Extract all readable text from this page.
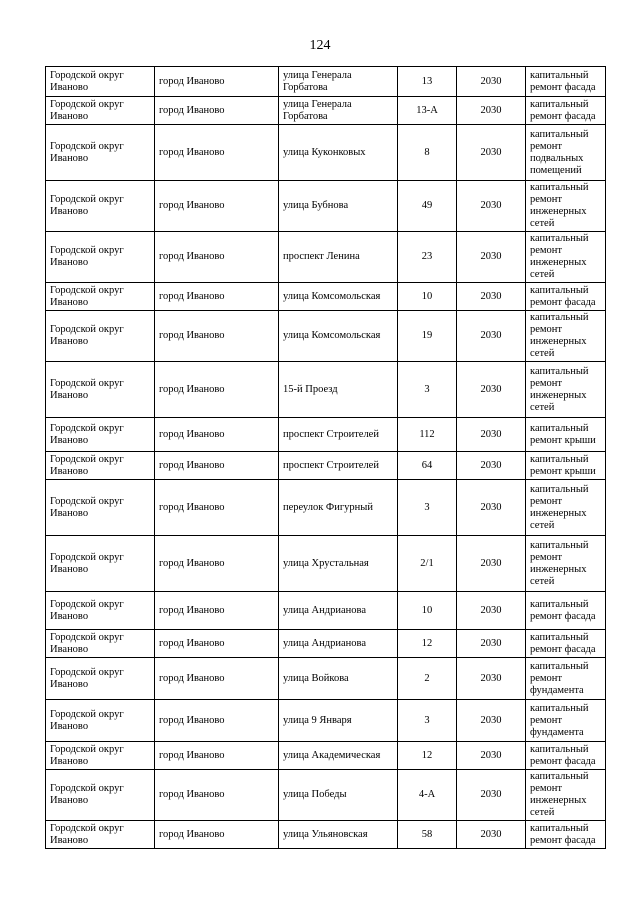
124
Городской округ Иваново	город Иваново	улица Генерала Горбатова	13	2030	капитальный ремонт фасада
Городской округ Иваново	город Иваново	улица Генерала Горбатова	13-А	2030	капитальный ремонт фасада
Городской округ Иваново	город Иваново	улица Куконковых	8	2030	капитальный ремонт подвальных помещений
Городской округ Иваново	город Иваново	улица Бубнова	49	2030	капитальный ремонт инженерных сетей
Городской округ Иваново	город Иваново	проспект Ленина	23	2030	капитальный ремонт инженерных сетей
Городской округ Иваново	город Иваново	улица Комсомольская	10	2030	капитальный ремонт фасада
Городской округ Иваново	город Иваново	улица Комсомольская	19	2030	капитальный ремонт инженерных сетей
Городской округ Иваново	город Иваново	15-й Проезд	3	2030	капитальный ремонт инженерных сетей
Городской округ Иваново	город Иваново	проспект Строителей	112	2030	капитальный ремонт крыши
Городской округ Иваново	город Иваново	проспект Строителей	64	2030	капитальный ремонт крыши
Городской округ Иваново	город Иваново	переулок Фигурный	3	2030	капитальный ремонт инженерных сетей
Городской округ Иваново	город Иваново	улица Хрустальная	2/1	2030	капитальный ремонт инженерных сетей
Городской округ Иваново	город Иваново	улица Андрианова	10	2030	капитальный ремонт фасада
Городской округ Иваново	город Иваново	улица Андрианова	12	2030	капитальный ремонт фасада
Городской округ Иваново	город Иваново	улица Войкова	2	2030	капитальный ремонт фундамента
Городской округ Иваново	город Иваново	улица 9 Января	3	2030	капитальный ремонт фундамента
Городской округ Иваново	город Иваново	улица Академическая	12	2030	капитальный ремонт фасада
Городской округ Иваново	город Иваново	улица Победы	4-А	2030	капитальный ремонт инженерных сетей
Городской округ Иваново	город Иваново	улица Ульяновская	58	2030	капитальный ремонт фасада
